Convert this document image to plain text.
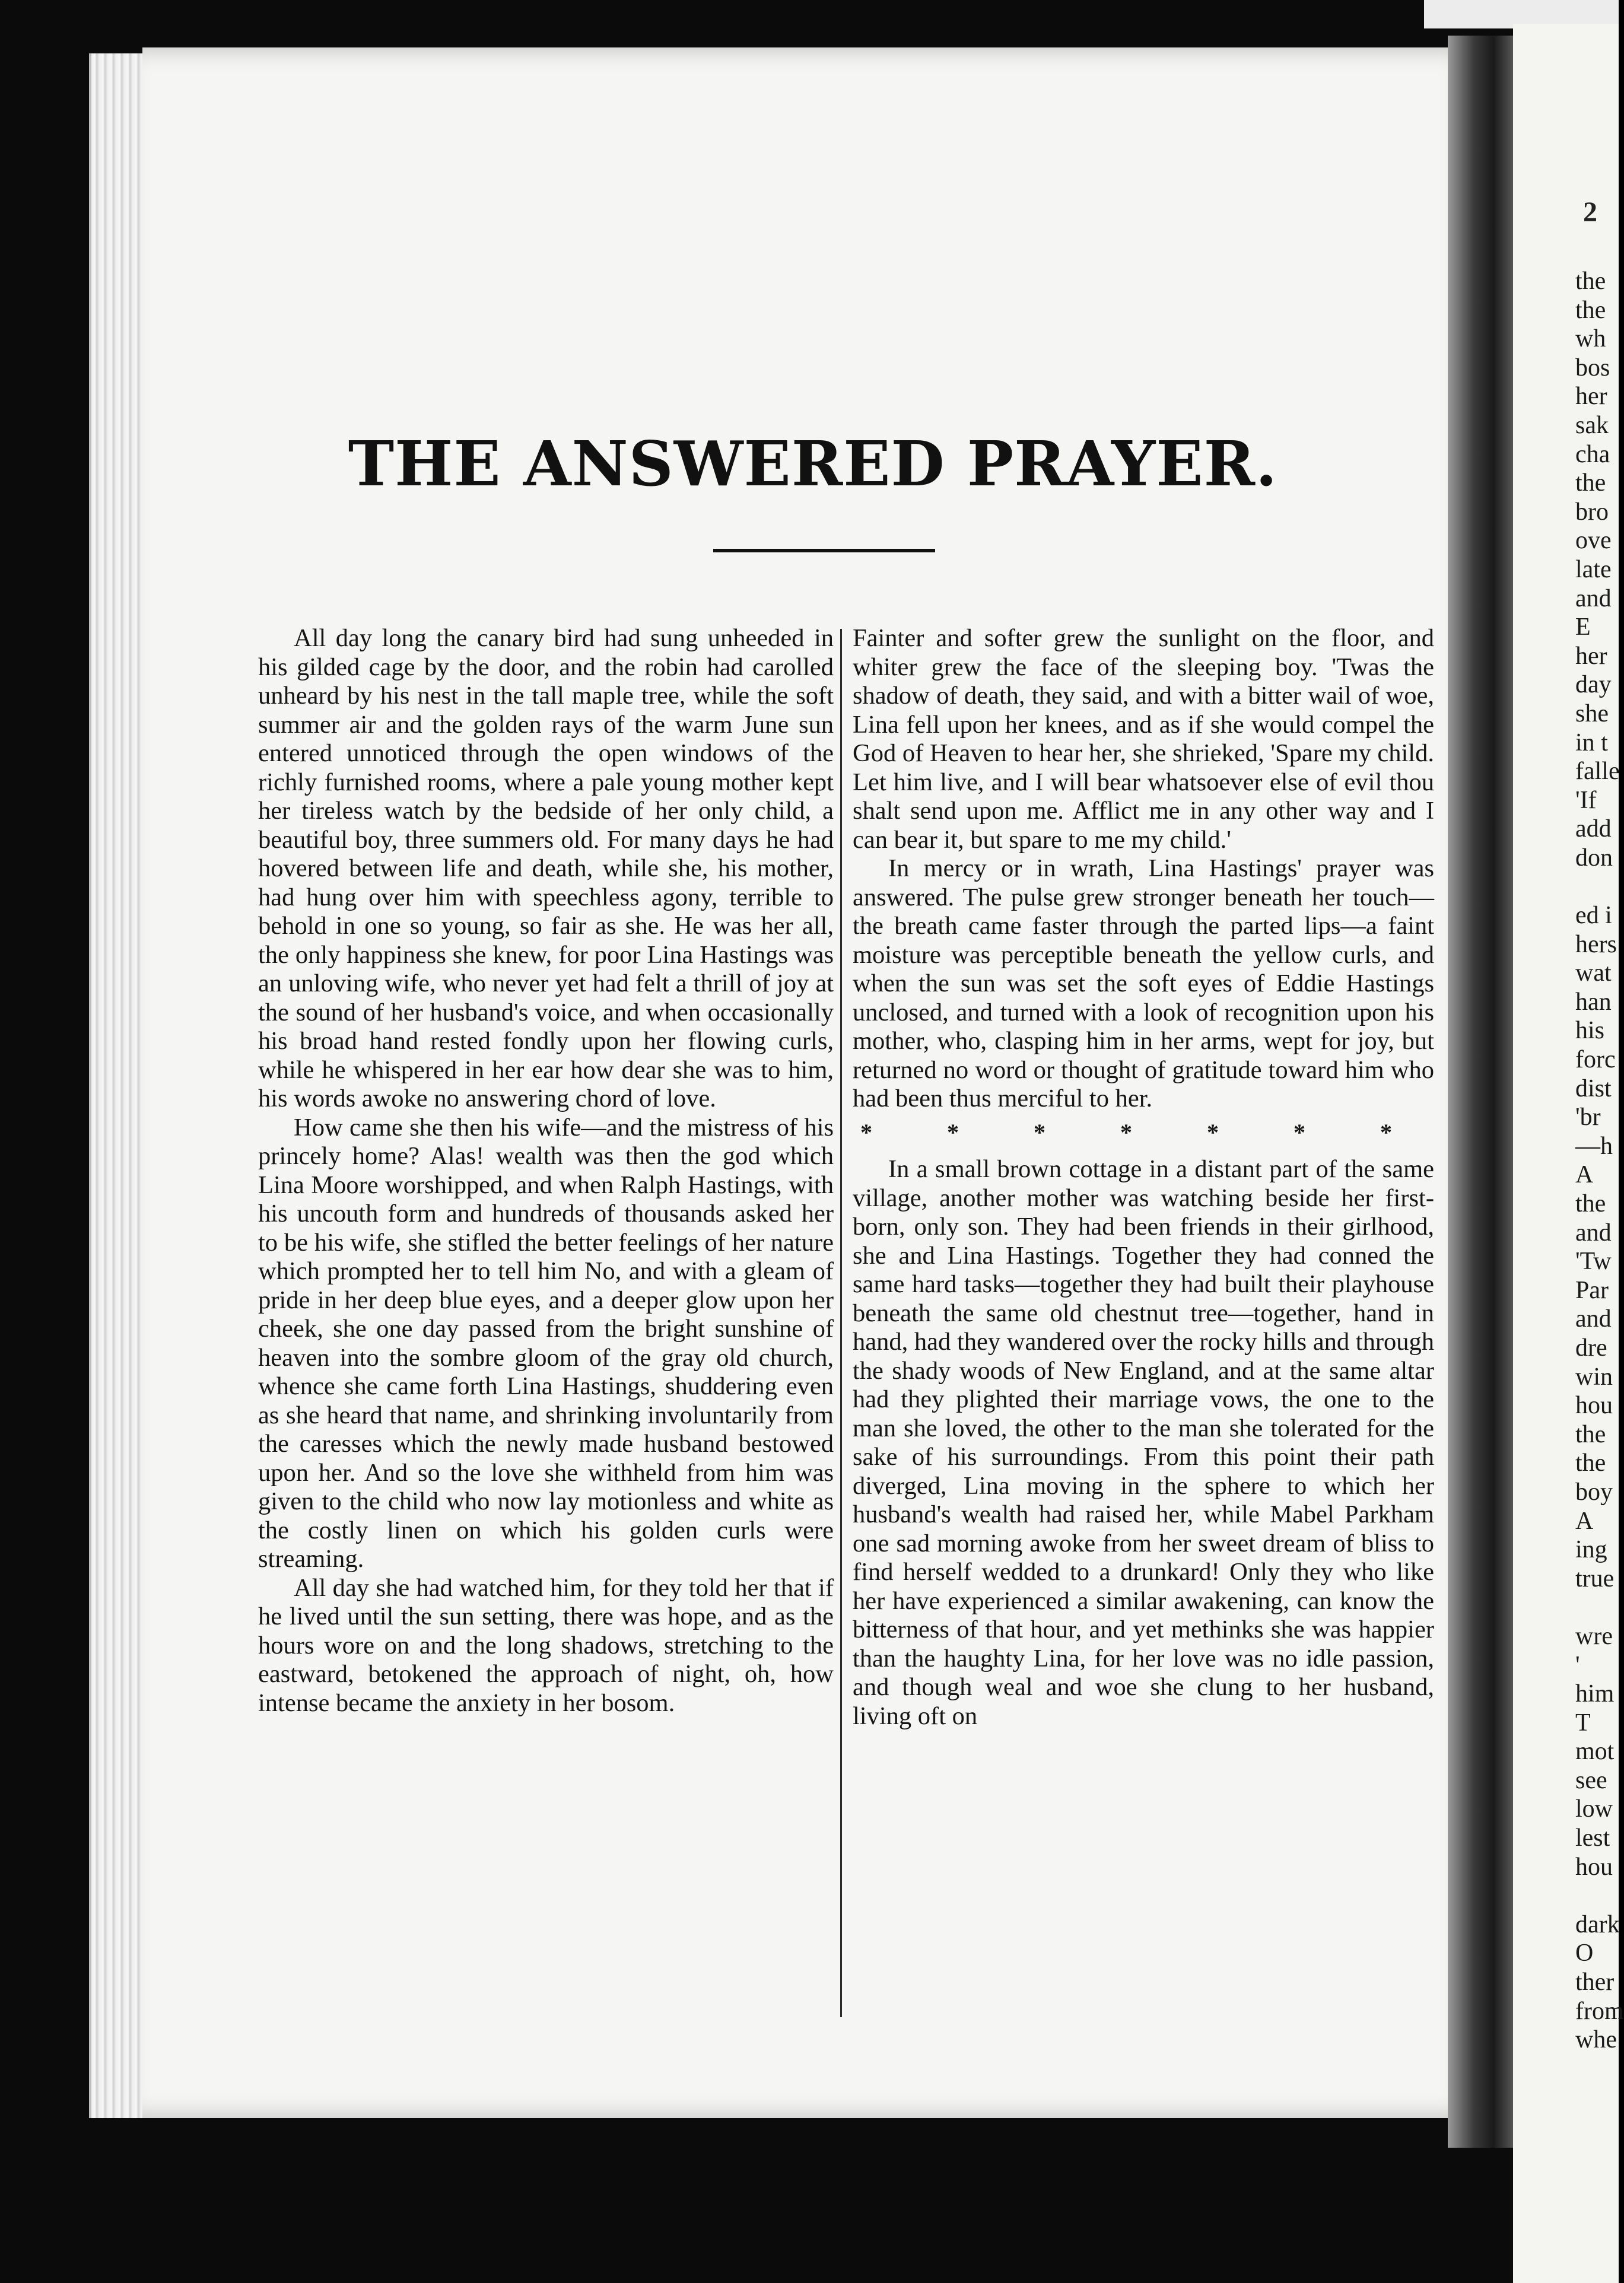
THE ANSWERED PRAYER.

All day long the canary bird had sung unheeded in his gilded cage by the door, and the robin had carolled unheard by his nest in the tall maple tree, while the soft summer air and the golden rays of the warm June sun entered unnoticed through the open windows of the richly furnished rooms, where a pale young mother kept her tireless watch by the bedside of her only child, a beautiful boy, three summers old. For many days he had hovered between life and death, while she, his mother, had hung over him with speechless agony, terrible to behold in one so young, so fair as she. He was her all, the only happiness she knew, for poor Lina Hastings was an unloving wife, who never yet had felt a thrill of joy at the sound of her husband's voice, and when occasionally his broad hand rested fondly upon her flowing curls, while he whispered in her ear how dear she was to him, his words awoke no answering chord of love.

How came she then his wife—and the mistress of his princely home? Alas! wealth was then the god which Lina Moore worshipped, and when Ralph Hastings, with his uncouth form and hundreds of thousands asked her to be his wife, she stifled the better feelings of her nature which prompted her to tell him No, and with a gleam of pride in her deep blue eyes, and a deeper glow upon her cheek, she one day passed from the bright sunshine of heaven into the sombre gloom of the gray old church, whence she came forth Lina Hastings, shuddering even as she heard that name, and shrinking involuntarily from the caresses which the newly made husband bestowed upon her. And so the love she withheld from him was given to the child who now lay motionless and white as the costly linen on which his golden curls were streaming.

All day she had watched him, for they told her that if he lived until the sun setting, there was hope, and as the hours wore on and the long shadows, stretching to the eastward, betokened the approach of night, oh, how intense became the anxiety in her bosom.

Fainter and softer grew the sunlight on the floor, and whiter grew the face of the sleeping boy. 'Twas the shadow of death, they said, and with a bitter wail of woe, Lina fell upon her knees, and as if she would compel the God of Heaven to hear her, she shrieked, 'Spare my child. Let him live, and I will bear whatsoever else of evil thou shalt send upon me. Afflict me in any other way and I can bear it, but spare to me my child.'

In mercy or in wrath, Lina Hastings' prayer was answered. The pulse grew stronger beneath her touch—the breath came faster through the parted lips—a faint moisture was perceptible beneath the yellow curls, and when the sun was set the soft eyes of Eddie Hastings unclosed, and turned with a look of recognition upon his mother, who, clasping him in her arms, wept for joy, but returned no word or thought of gratitude toward him who had been thus merciful to her.

* * * * * * *

In a small brown cottage in a distant part of the same village, another mother was watching beside her first-born, only son. They had been friends in their girlhood, she and Lina Hastings. Together they had conned the same hard tasks—together they had built their playhouse beneath the same old chestnut tree—together, hand in hand, had they wandered over the rocky hills and through the shady woods of New England, and at the same altar had they plighted their marriage vows, the one to the man she loved, the other to the man she tolerated for the sake of his surroundings. From this point their path diverged, Lina moving in the sphere to which her husband's wealth had raised her, while Mabel Parkham one sad morning awoke from her sweet dream of bliss to find herself wedded to a drunkard! Only they who like her have experienced a similar awakening, can know the bitterness of that hour, and yet methinks she was happier than the haughty Lina, for her love was no idle passion, and though weal and woe she clung to her husband, living oft on

2
the
the
wh
bos
her
sak
cha
the
bro
ove
late
and
E
her
day
she
in t
falle
'If
add
don

ed i
hers
wat
han
his
forc
dist
'br
—h
A
the
and
'Tw
Par
and
dre
win
hou
the
the
boy
A
ing
true

wre
'
him
T
mot
see
low
lest
hou

dark
O
ther
from
whe
